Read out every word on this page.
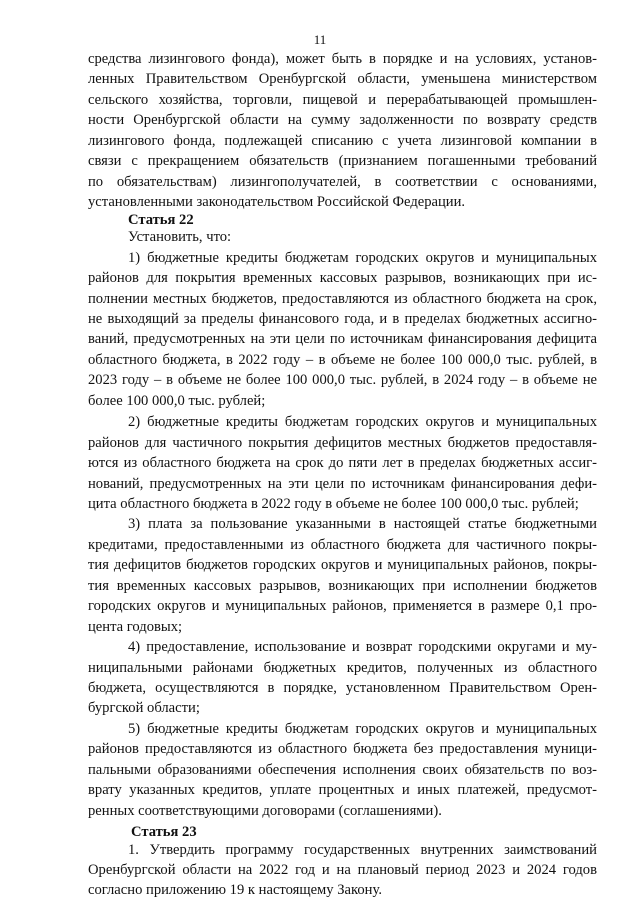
11
средства лизингового фонда), может быть в порядке и на условиях, установ-
ленных Правительством Оренбургской области, уменьшена министерством
сельского хозяйства, торговли, пищевой и перерабатывающей промышлен-
ности Оренбургской области на сумму задолженности по возврату средств
лизингового фонда, подлежащей списанию с учета лизинговой компании в
связи с прекращением обязательств (признанием погашенными требований
по обязательствам) лизингополучателей, в соответствии с основаниями,
установленными законодательством Российской Федерации.
Статья 22
Установить, что:
1) бюджетные кредиты бюджетам городских округов и муниципальных
районов для покрытия временных кассовых разрывов, возникающих при ис-
полнении местных бюджетов, предоставляются из областного бюджета на срок,
не выходящий за пределы финансового года, и в пределах бюджетных ассигно-
ваний, предусмотренных на эти цели по источникам финансирования дефицита
областного бюджета, в 2022 году – в объеме не более 100 000,0 тыс. рублей, в
2023 году – в объеме не более 100 000,0 тыс. рублей, в 2024 году – в объеме не
более 100 000,0 тыс. рублей;
2) бюджетные кредиты бюджетам городских округов и муниципальных
районов для частичного покрытия дефицитов местных бюджетов предоставля-
ются из областного бюджета на срок до пяти лет в пределах бюджетных ассиг-
нований, предусмотренных на эти цели по источникам финансирования дефи-
цита областного бюджета в 2022 году в объеме не более 100 000,0 тыс. рублей;
3) плата за пользование указанными в настоящей статье бюджетными
кредитами, предоставленными из областного бюджета для частичного покры-
тия дефицитов бюджетов городских округов и муниципальных районов, покры-
тия временных кассовых разрывов, возникающих при исполнении бюджетов
городских округов и муниципальных районов, применяется в размере 0,1 про-
цента годовых;
4) предоставление, использование и возврат городскими округами и му-
ниципальными районами бюджетных кредитов, полученных из областного
бюджета, осуществляются в порядке, установленном Правительством Орен-
бургской области;
5) бюджетные кредиты бюджетам городских округов и муниципальных
районов предоставляются из областного бюджета без предоставления муници-
пальными образованиями обеспечения исполнения своих обязательств по воз-
врату указанных кредитов, уплате процентных и иных платежей, предусмот-
ренных соответствующими договорами (соглашениями).
Статья 23
1. Утвердить программу государственных внутренних заимствований
Оренбургской области на 2022 год и на плановый период 2023 и 2024 годов
согласно приложению 19 к настоящему Закону.
